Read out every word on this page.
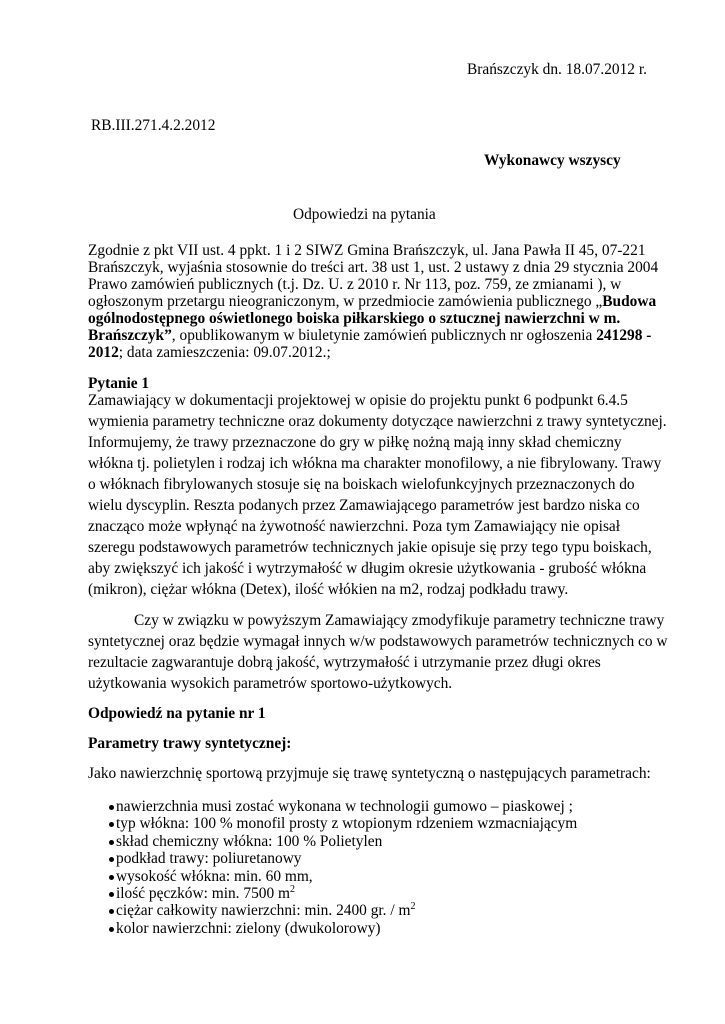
Brańszczyk dn. 18.07.2012 r.
RB.III.271.4.2.2012
Wykonawcy wszyscy
Odpowiedzi na pytania
Zgodnie z pkt VII ust. 4 ppkt. 1 i 2 SIWZ Gmina Brańszczyk, ul. Jana Pawła II 45, 07-221
Brańszczyk, wyjaśnia stosownie do treści art. 38 ust 1, ust. 2 ustawy z dnia 29 stycznia 2004
Prawo zamówień publicznych (t.j. Dz. U. z 2010 r. Nr 113, poz. 759, ze zmianami ), w
ogłoszonym przetargu nieograniczonym, w przedmiocie zamówienia publicznego „Budowa
ogólnodostępnego oświetlonego boiska piłkarskiego o sztucznej nawierzchni w m.
Brańszczyk”, opublikowanym w biuletynie zamówień publicznych nr ogłoszenia 241298 -
2012; data zamieszczenia: 09.07.2012.;
Pytanie 1
Zamawiający w dokumentacji projektowej w opisie do projektu punkt 6 podpunkt 6.4.5
wymienia parametry techniczne oraz dokumenty dotyczące nawierzchni z trawy syntetycznej.
Informujemy, że trawy przeznaczone do gry w piłkę nożną mają inny skład chemiczny
włókna tj. polietylen i rodzaj ich włókna ma charakter monofilowy, a nie fibrylowany. Trawy
o włóknach fibrylowanych stosuje się na boiskach wielofunkcyjnych przeznaczonych do
wielu dyscyplin. Reszta podanych przez Zamawiającego parametrów jest bardzo niska co
znacząco może wpłynąć na żywotność nawierzchni. Poza tym Zamawiający nie opisał
szeregu podstawowych parametrów technicznych jakie opisuje się przy tego typu boiskach,
aby zwiększyć ich jakość i wytrzymałość w długim okresie użytkowania - grubość włókna
(mikron), ciężar włókna (Detex), ilość włókien na m2, rodzaj podkładu trawy.
Czy w związku w powyższym Zamawiający zmodyfikuje parametry techniczne trawy
syntetycznej oraz będzie wymagał innych w/w podstawowych parametrów technicznych co w
rezultacie zagwarantuje dobrą jakość, wytrzymałość i utrzymanie przez długi okres
użytkowania wysokich parametrów sportowo-użytkowych.
Odpowiedź na pytanie nr 1
Parametry trawy syntetycznej:
Jako nawierzchnię sportową przyjmuje się trawę syntetyczną o następujących parametrach:
nawierzchnia musi zostać wykonana w technologii gumowo – piaskowej ;
typ włókna: 100 % monofil prosty z wtopionym rdzeniem wzmacniającym
skład chemiczny włókna: 100 % Polietylen
podkład trawy: poliuretanowy
wysokość włókna: min. 60 mm,
ilość pęczków: min. 7500 $m^2$
ciężar całkowity nawierzchni: min. 2400 gr. / $m^2$
kolor nawierzchni: zielony (dwukolorowy)
